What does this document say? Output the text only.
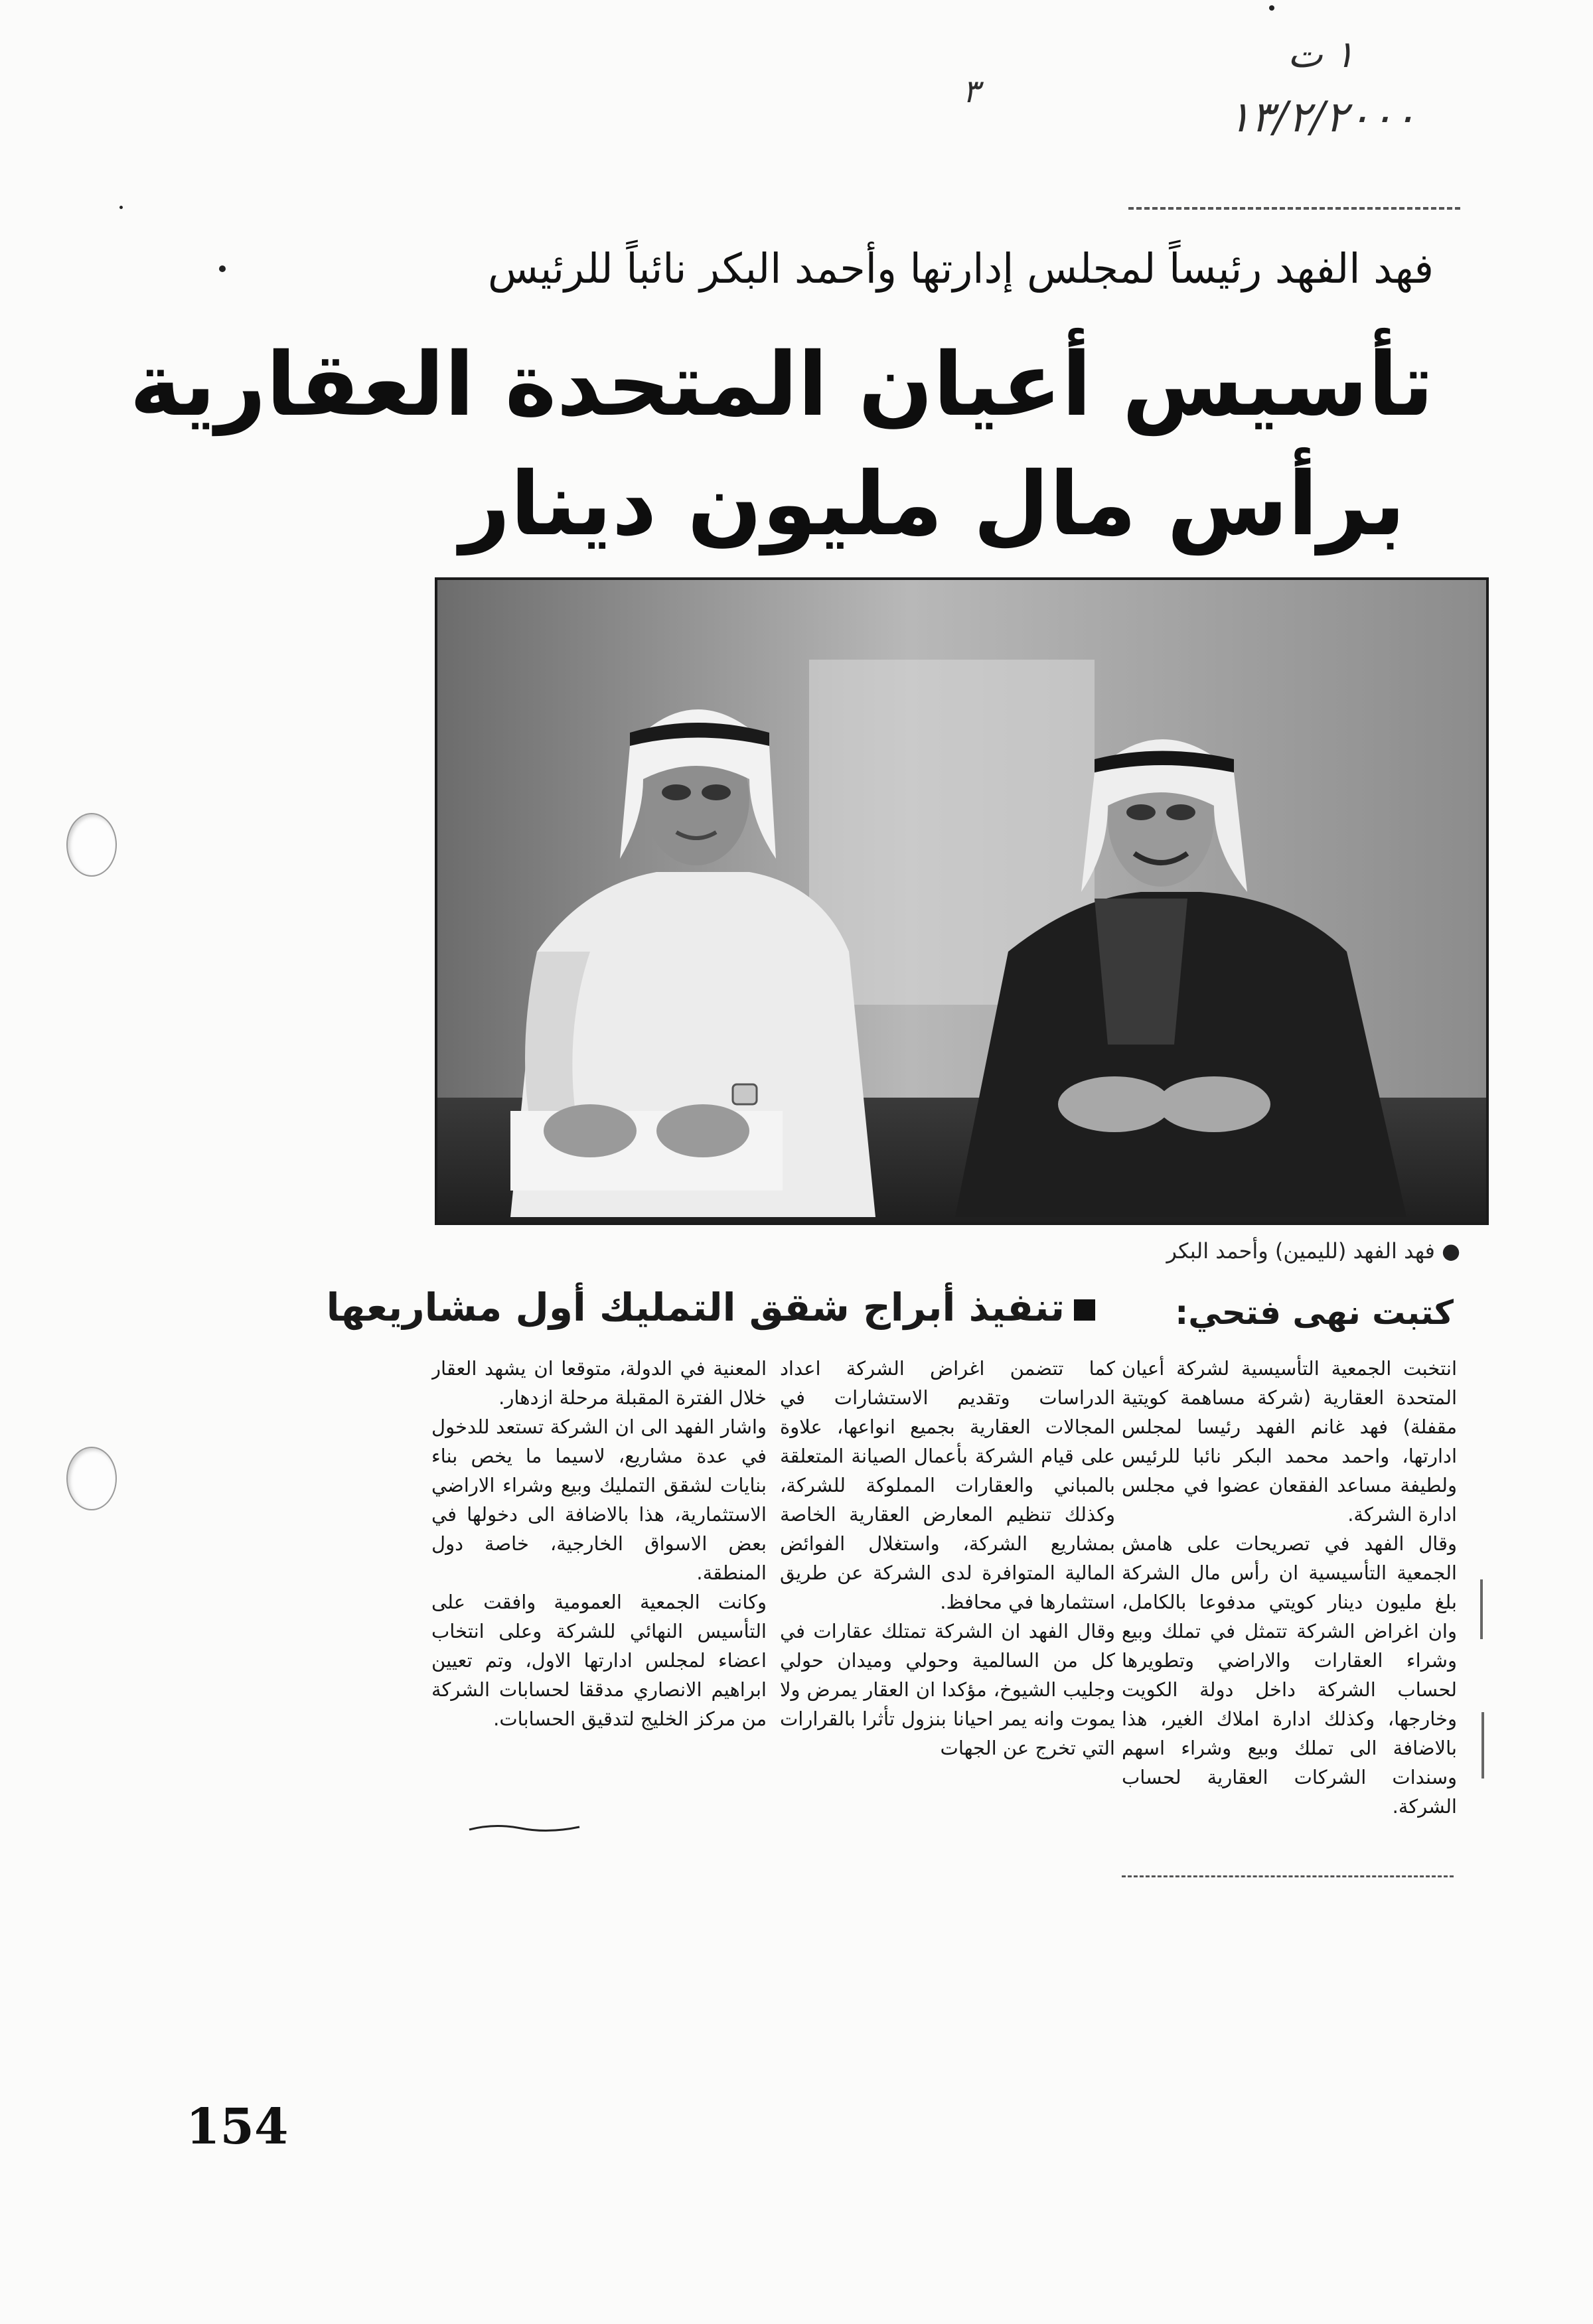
١ ت
١٣/٢/٢٠٠٠
٣
فهد الفهد رئيساً لمجلس إدارتها وأحمد البكر نائباً للرئيس
تأسيس أعيان المتحدة العقارية
برأس مال مليون دينار
● فهد الفهد (لليمين) وأحمد البكر
كتبت نهى فتحي:
تنفيذ أبراج شقق التمليك أول مشاريعها

انتخبت الجمعية التأسيسية لشركة أعيان المتحدة العقارية (شركة مساهمة كويتية مقفلة) فهد غانم الفهد رئيسا لمجلس ادارتها، واحمد محمد البكر نائبا للرئيس ولطيفة مساعد الفقعان عضوا في مجلس ادارة الشركة.

وقال الفهد في تصريحات على هامش الجمعية التأسيسية ان رأس مال الشركة بلغ مليون دينار كويتي مدفوعا بالكامل، وان اغراض الشركة تتمثل في تملك وبيع وشراء العقارات والاراضي وتطويرها لحساب الشركة داخل دولة الكويت وخارجها، وكذلك ادارة املاك الغير، هذا بالاضافة الى تملك وبيع وشراء اسهم وسندات الشركات العقارية لحساب الشركة.

كما تتضمن اغراض الشركة اعداد الدراسات وتقديم الاستشارات في المجالات العقارية بجميع انواعها، علاوة على قيام الشركة بأعمال الصيانة المتعلقة بالمباني والعقارات المملوكة للشركة، وكذلك تنظيم المعارض العقارية الخاصة بمشاريع الشركة، واستغلال الفوائض المالية المتوافرة لدى الشركة عن طريق استثمارها في محافظ.

وقال الفهد ان الشركة تمتلك عقارات في كل من السالمية وحولي وميدان حولي وجليب الشيوخ، مؤكدا ان العقار يمرض ولا يموت وانه يمر احيانا بنزول تأثرا بالقرارات التي تخرج عن الجهات

المعنية في الدولة، متوقعا ان يشهد العقار خلال الفترة المقبلة مرحلة ازدهار.

واشار الفهد الى ان الشركة تستعد للدخول في عدة مشاريع، لاسيما ما يخص بناء بنايات لشقق التمليك وبيع وشراء الاراضي الاستثمارية، هذا بالاضافة الى دخولها في بعض الاسواق الخارجية، خاصة دول المنطقة.

وكانت الجمعية العمومية وافقت على التأسيس النهائي للشركة وعلى انتخاب اعضاء لمجلس ادارتها الاول، وتم تعيين ابراهيم الانصاري مدققا لحسابات الشركة من مركز الخليج لتدقيق الحسابات.

154
